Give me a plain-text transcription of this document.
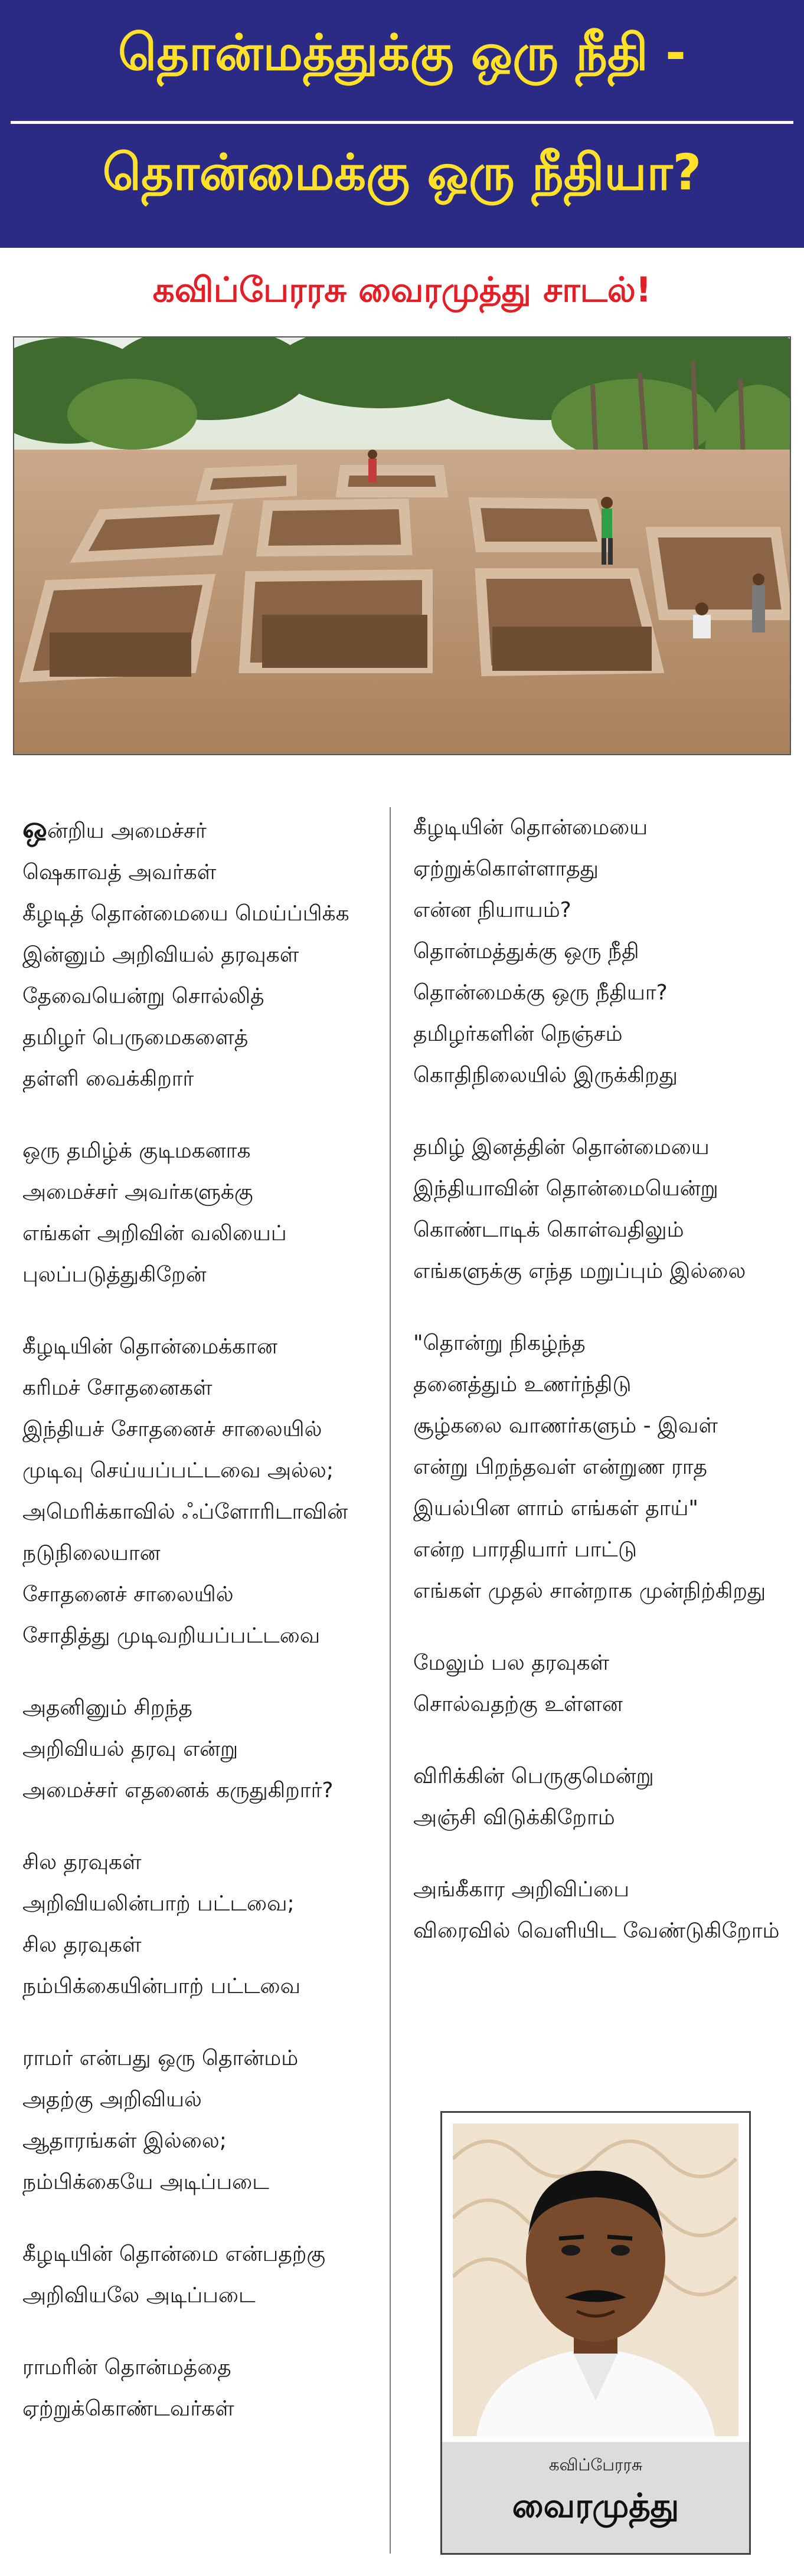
தொன்மத்துக்கு ஒரு நீதி -
தொன்மைக்கு ஒரு நீதியா?
கவிப்பேரரசு வைரமுத்து சாடல்!
ஒன்றிய அமைச்சர்
ஷெகாவத் அவர்கள்
கீழடித் தொன்மையை மெய்ப்பிக்க
இன்னும் அறிவியல் தரவுகள்
தேவையென்று சொல்லித்
தமிழர் பெருமைகளைத்
தள்ளி வைக்கிறார்
ஒரு தமிழ்க் குடிமகனாக
அமைச்சர் அவர்களுக்கு
எங்கள் அறிவின் வலியைப்
புலப்படுத்துகிறேன்
கீழடியின் தொன்மைக்கான
கரிமச் சோதனைகள்
இந்தியச் சோதனைச் சாலையில்
முடிவு செய்யப்பட்டவை அல்ல;
அமெரிக்காவில் ஃப்ளோரிடாவின்
நடுநிலையான
சோதனைச் சாலையில்
சோதித்து முடிவறியப்பட்டவை
அதனினும் சிறந்த
அறிவியல் தரவு என்று
அமைச்சர் எதனைக் கருதுகிறார்?
சில தரவுகள்
அறிவியலின்பாற் பட்டவை;
சில தரவுகள்
நம்பிக்கையின்பாற் பட்டவை
ராமர் என்பது ஒரு தொன்மம்
அதற்கு அறிவியல்
ஆதாரங்கள் இல்லை;
நம்பிக்கையே அடிப்படை
கீழடியின் தொன்மை என்பதற்கு
அறிவியலே அடிப்படை
ராமரின் தொன்மத்தை
ஏற்றுக்கொண்டவர்கள்
கீழடியின் தொன்மையை
ஏற்றுக்கொள்ளாதது
என்ன நியாயம்?
தொன்மத்துக்கு ஒரு நீதி
தொன்மைக்கு ஒரு நீதியா?
தமிழர்களின் நெஞ்சம்
கொதிநிலையில் இருக்கிறது
தமிழ் இனத்தின் தொன்மையை
இந்தியாவின் தொன்மையென்று
கொண்டாடிக் கொள்வதிலும்
எங்களுக்கு எந்த மறுப்பும் இல்லை
"தொன்று நிகழ்ந்த
தனைத்தும் உணர்ந்திடு
சூழ்கலை வாணர்களும் - இவள்
என்று பிறந்தவள் என்றுண ராத
இயல்பின ளாம் எங்கள் தாய்"
என்ற பாரதியார் பாட்டு
எங்கள் முதல் சான்றாக முன்நிற்கிறது
மேலும் பல தரவுகள்
சொல்வதற்கு உள்ளன
விரிக்கின் பெருகுமென்று
அஞ்சி விடுக்கிறோம்
அங்கீகார அறிவிப்பை
விரைவில் வெளியிட வேண்டுகிறோம்
கவிப்பேரரசு
வைரமுத்து
